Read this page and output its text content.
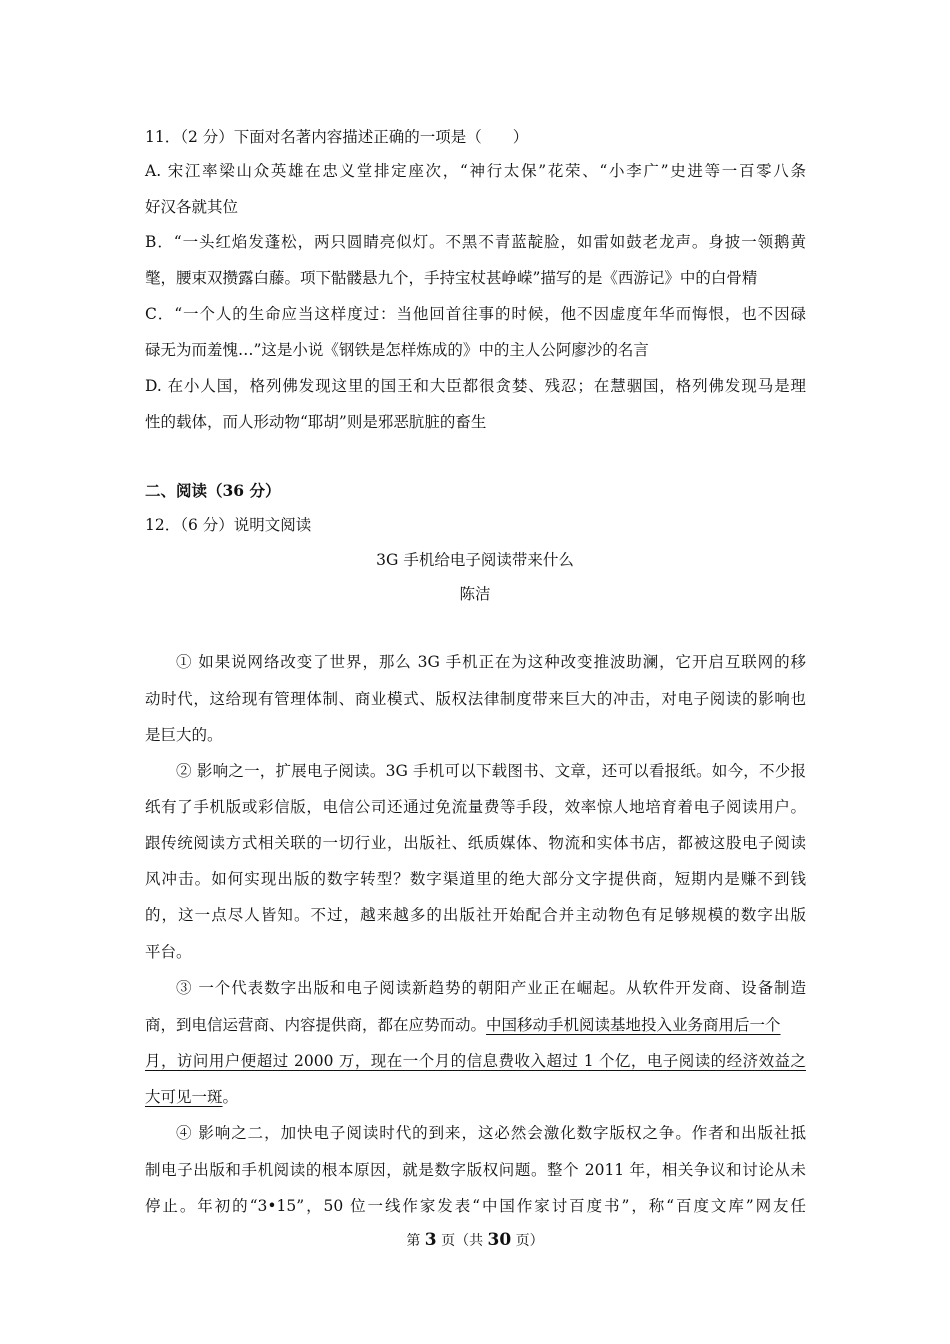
11．（2 分）下面对名著内容描述正确的一项是（　　）
A. 宋江率梁山众英雄在忠义堂排定座次，“神行太保”花荣、“小李广”史进等一百零八条
好汉各就其位
B．“一头红焰发蓬松，两只圆睛亮似灯。不黑不青蓝靛脸，如雷如鼓老龙声。身披一领鹅黄
氅，腰束双攒露白藤。项下骷髅悬九个，手持宝杖甚峥嵘”描写的是《西游记》中的白骨精
C．“一个人的生命应当这样度过：当他回首往事的时候，他不因虚度年华而悔恨，也不因碌
碌无为而羞愧…”这是小说《钢铁是怎样炼成的》中的主人公阿廖沙的名言
D. 在小人国，格列佛发现这里的国王和大臣都很贪婪、残忍；在慧骃国，格列佛发现马是理
性的载体，而人形动物“耶胡”则是邪恶肮脏的畜生
二、阅读（36 分）
12．（6 分）说明文阅读
3G 手机给电子阅读带来什么
陈洁
① 如果说网络改变了世界，那么 3G 手机正在为这种改变推波助澜，它开启互联网的移
动时代，这给现有管理体制、商业模式、版权法律制度带来巨大的冲击，对电子阅读的影响也
是巨大的。
② 影响之一，扩展电子阅读。3G 手机可以下载图书、文章，还可以看报纸。如今，不少报
纸有了手机版或彩信版，电信公司还通过免流量费等手段，效率惊人地培育着电子阅读用户。
跟传统阅读方式相关联的一切行业，出版社、纸质媒体、物流和实体书店，都被这股电子阅读
风冲击。如何实现出版的数字转型？数字渠道里的绝大部分文字提供商，短期内是赚不到钱
的，这一点尽人皆知。不过，越来越多的出版社开始配合并主动物色有足够规模的数字出版
平台。
③ 一个代表数字出版和电子阅读新趋势的朝阳产业正在崛起。从软件开发商、设备制造
商，到电信运营商、内容提供商，都在应势而动。中国移动手机阅读基地投入业务商用后一个
月，访问用户便超过 2000 万，现在一个月的信息费收入超过 1 个亿，电子阅读的经济效益之
大可见一斑。
④ 影响之二，加快电子阅读时代的到来，这必然会激化数字版权之争。作者和出版社抵
制电子出版和手机阅读的根本原因，就是数字版权问题。整个 2011 年，相关争议和讨论从未
停止。年初的“3•15”，50 位一线作家发表“中国作家讨百度书”，称“百度文库”网友任
第 3 页（共 30 页）
